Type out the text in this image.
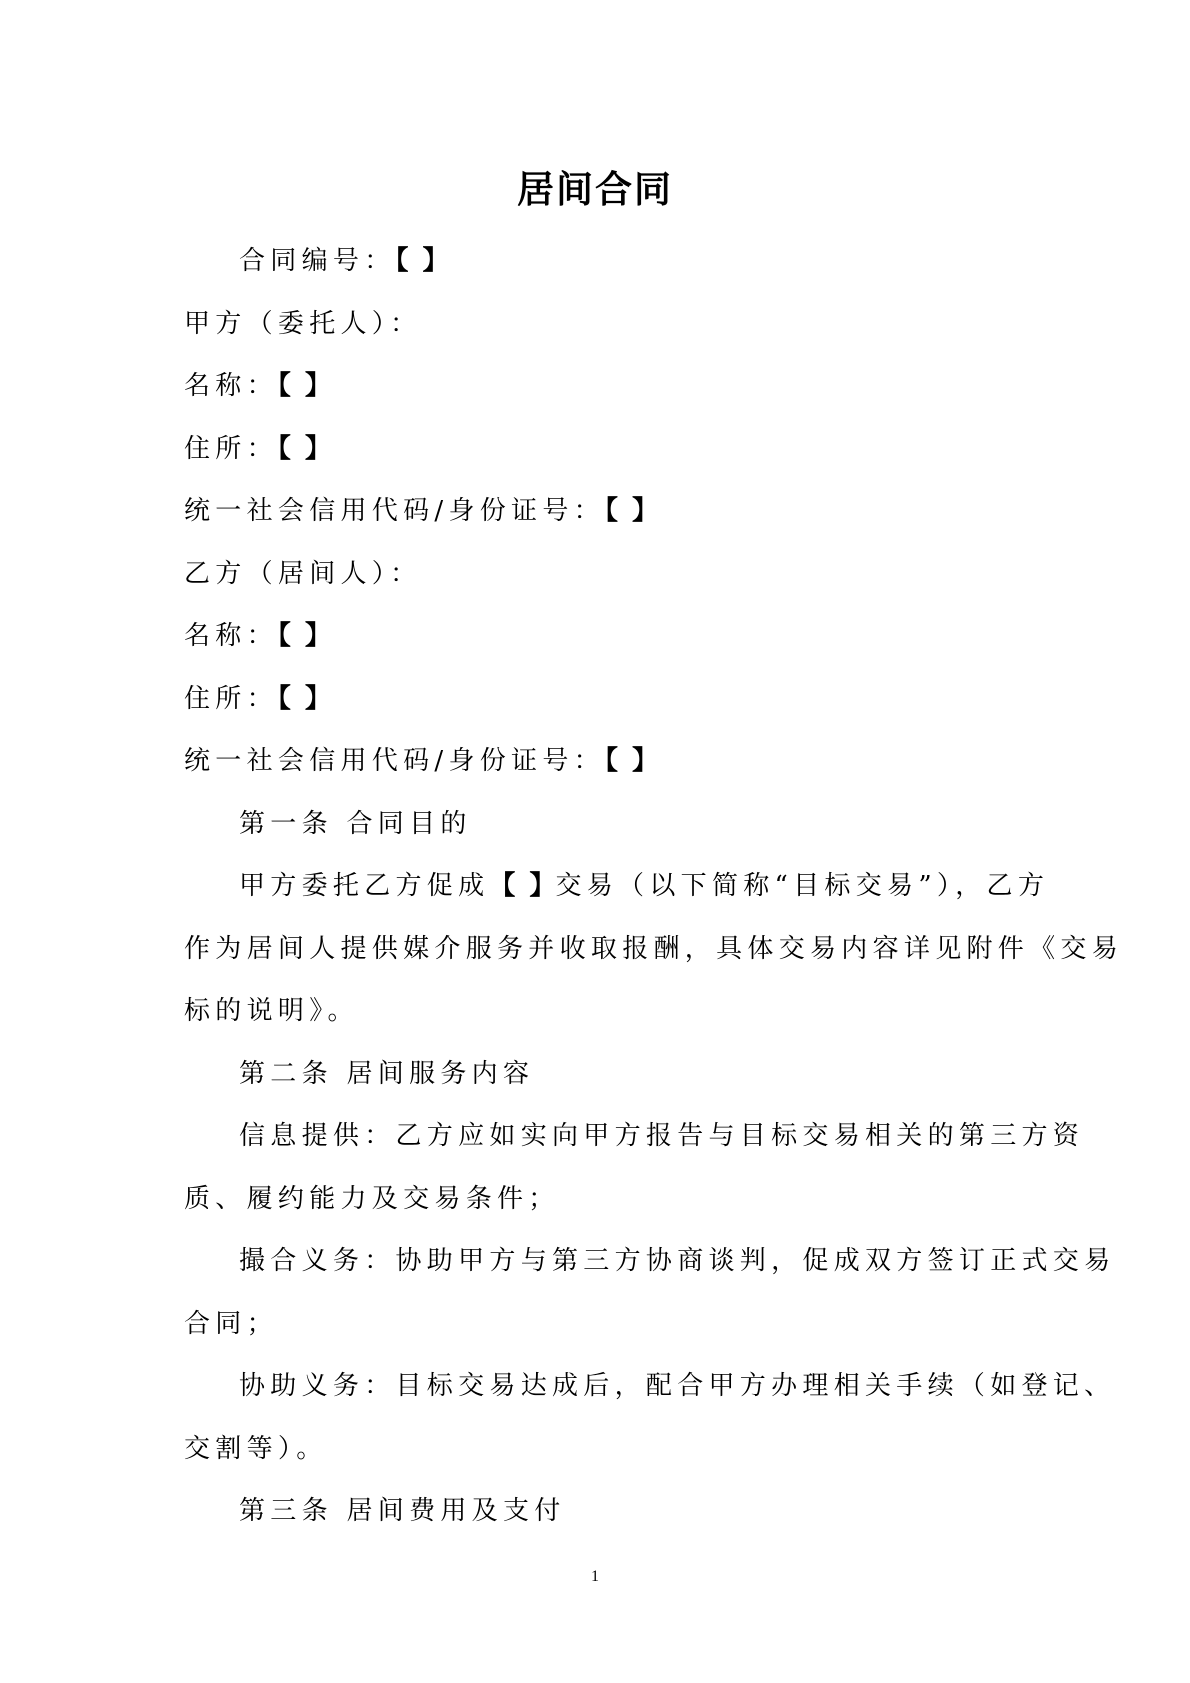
居间合同
合同编号：【 】
甲方（委托人）：
名称：【 】
住所：【 】
统一社会信用代码/身份证号：【 】
乙方（居间人）：
名称：【 】
住所：【 】
统一社会信用代码/身份证号：【 】
第一条 合同目的
甲方委托乙方促成【 】交易（以下简称“目标交易”），乙方
作为居间人提供媒介服务并收取报酬，具体交易内容详见附件《交易
标的说明》。
第二条 居间服务内容
信息提供：乙方应如实向甲方报告与目标交易相关的第三方资
质、履约能力及交易条件；
撮合义务：协助甲方与第三方协商谈判，促成双方签订正式交易
合同；
协助义务：目标交易达成后，配合甲方办理相关手续（如登记、
交割等）。
第三条 居间费用及支付
1
